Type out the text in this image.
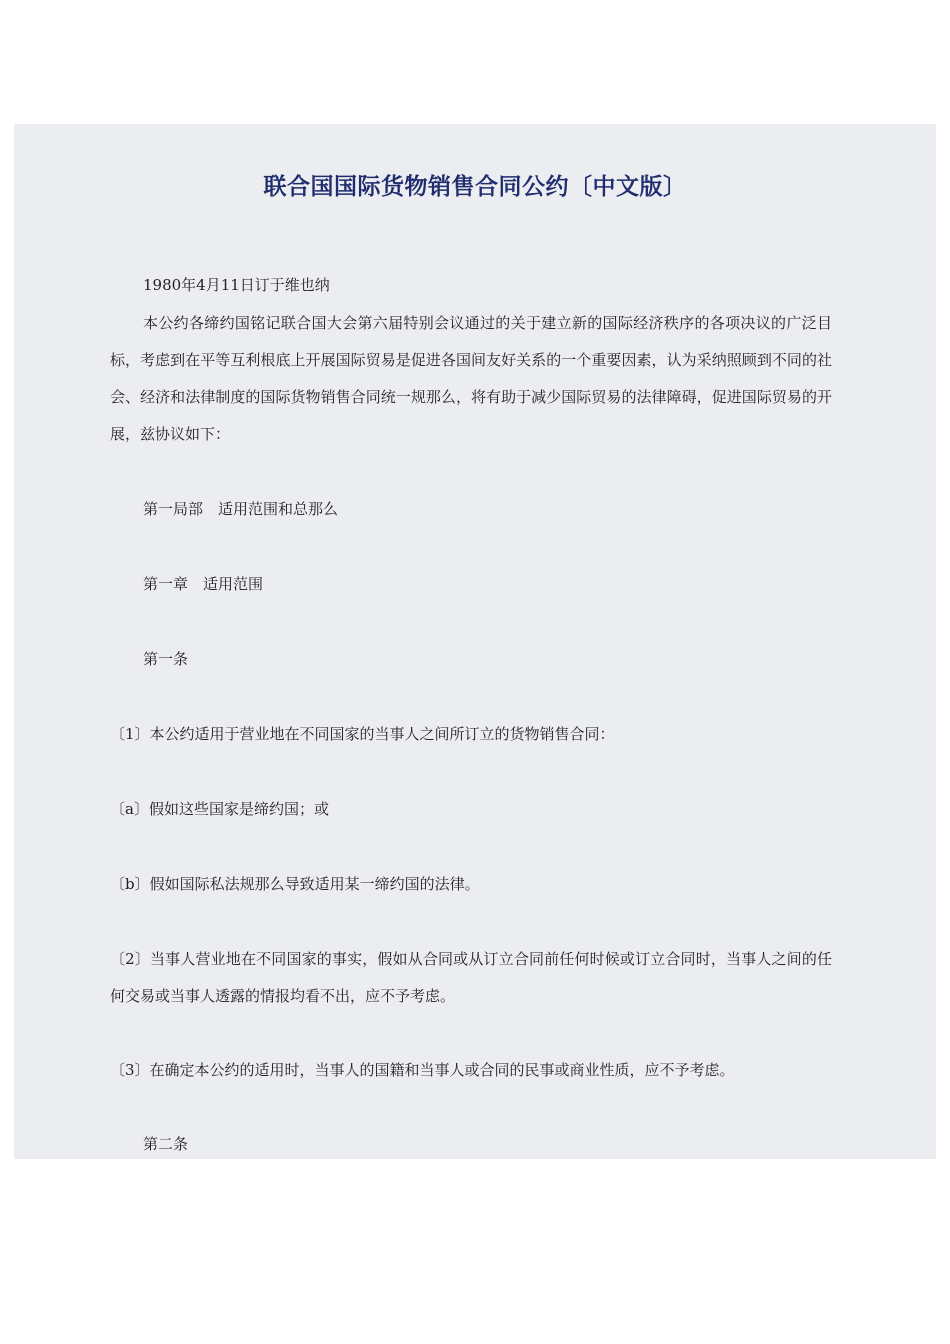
联合国国际货物销售合同公约〔中文版〕

1980年4月11日订于维也纳

本公约各缔约国铭记联合国大会第六届特别会议通过的关于建立新的国际经济秩序的各项决议的广泛目标，考虑到在平等互利根底上开展国际贸易是促进各国间友好关系的一个重要因素，认为采纳照顾到不同的社会、经济和法律制度的国际货物销售合同统一规那么，将有助于减少国际贸易的法律障碍，促进国际贸易的开展，兹协议如下：

第一局部　适用范围和总那么

第一章　适用范围

第一条

〔1〕本公约适用于营业地在不同国家的当事人之间所订立的货物销售合同：

〔a〕假如这些国家是缔约国；或

〔b〕假如国际私法规那么导致适用某一缔约国的法律。

〔2〕当事人营业地在不同国家的事实，假如从合同或从订立合同前任何时候或订立合同时，当事人之间的任何交易或当事人透露的情报均看不出，应不予考虑。

〔3〕在确定本公约的适用时，当事人的国籍和当事人或合同的民事或商业性质，应不予考虑。

第二条
